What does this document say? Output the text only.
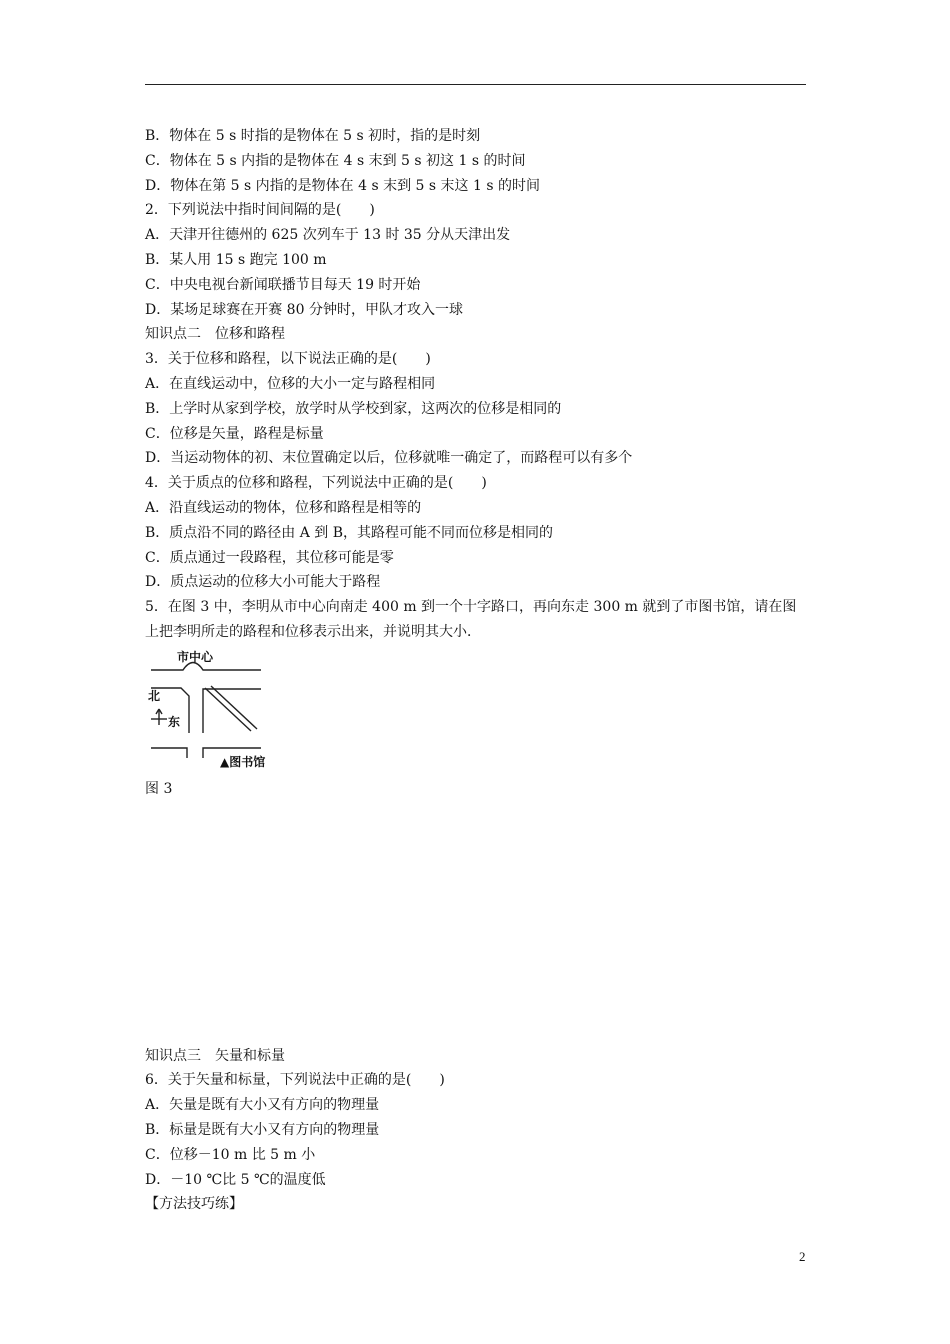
B．物体在 5 s 时指的是物体在 5 s 初时，指的是时刻
C．物体在 5 s 内指的是物体在 4 s 末到 5 s 初这 1 s 的时间
D．物体在第 5 s 内指的是物体在 4 s 末到 5 s 末这 1 s 的时间
2．下列说法中指时间间隔的是(　　)
A．天津开往德州的 625 次列车于 13 时 35 分从天津出发
B．某人用 15 s 跑完 100 m
C．中央电视台新闻联播节目每天 19 时开始
D．某场足球赛在开赛 80 分钟时，甲队才攻入一球
知识点二　位移和路程
3．关于位移和路程，以下说法正确的是(　　)
A．在直线运动中，位移的大小一定与路程相同
B．上学时从家到学校，放学时从学校到家，这两次的位移是相同的
C．位移是矢量，路程是标量
D．当运动物体的初、末位置确定以后，位移就唯一确定了，而路程可以有多个
4．关于质点的位移和路程，下列说法中正确的是(　　)
A．沿直线运动的物体，位移和路程是相等的
B．质点沿不同的路径由 A 到 B，其路程可能不同而位移是相同的
C．质点通过一段路程，其位移可能是零
D．质点运动的位移大小可能大于路程
5．在图 3 中，李明从市中心向南走 400 m 到一个十字路口，再向东走 300 m 就到了市图书馆，请在图上把李明所走的路程和位移表示出来，并说明其大小．
市中心
北
东
▲图书馆
图 3
知识点三　矢量和标量
6．关于矢量和标量，下列说法中正确的是(　　)
A．矢量是既有大小又有方向的物理量
B．标量是既有大小又有方向的物理量
C．位移－10 m 比 5 m 小
D．－10 ℃比 5 ℃的温度低
【方法技巧练】
2
